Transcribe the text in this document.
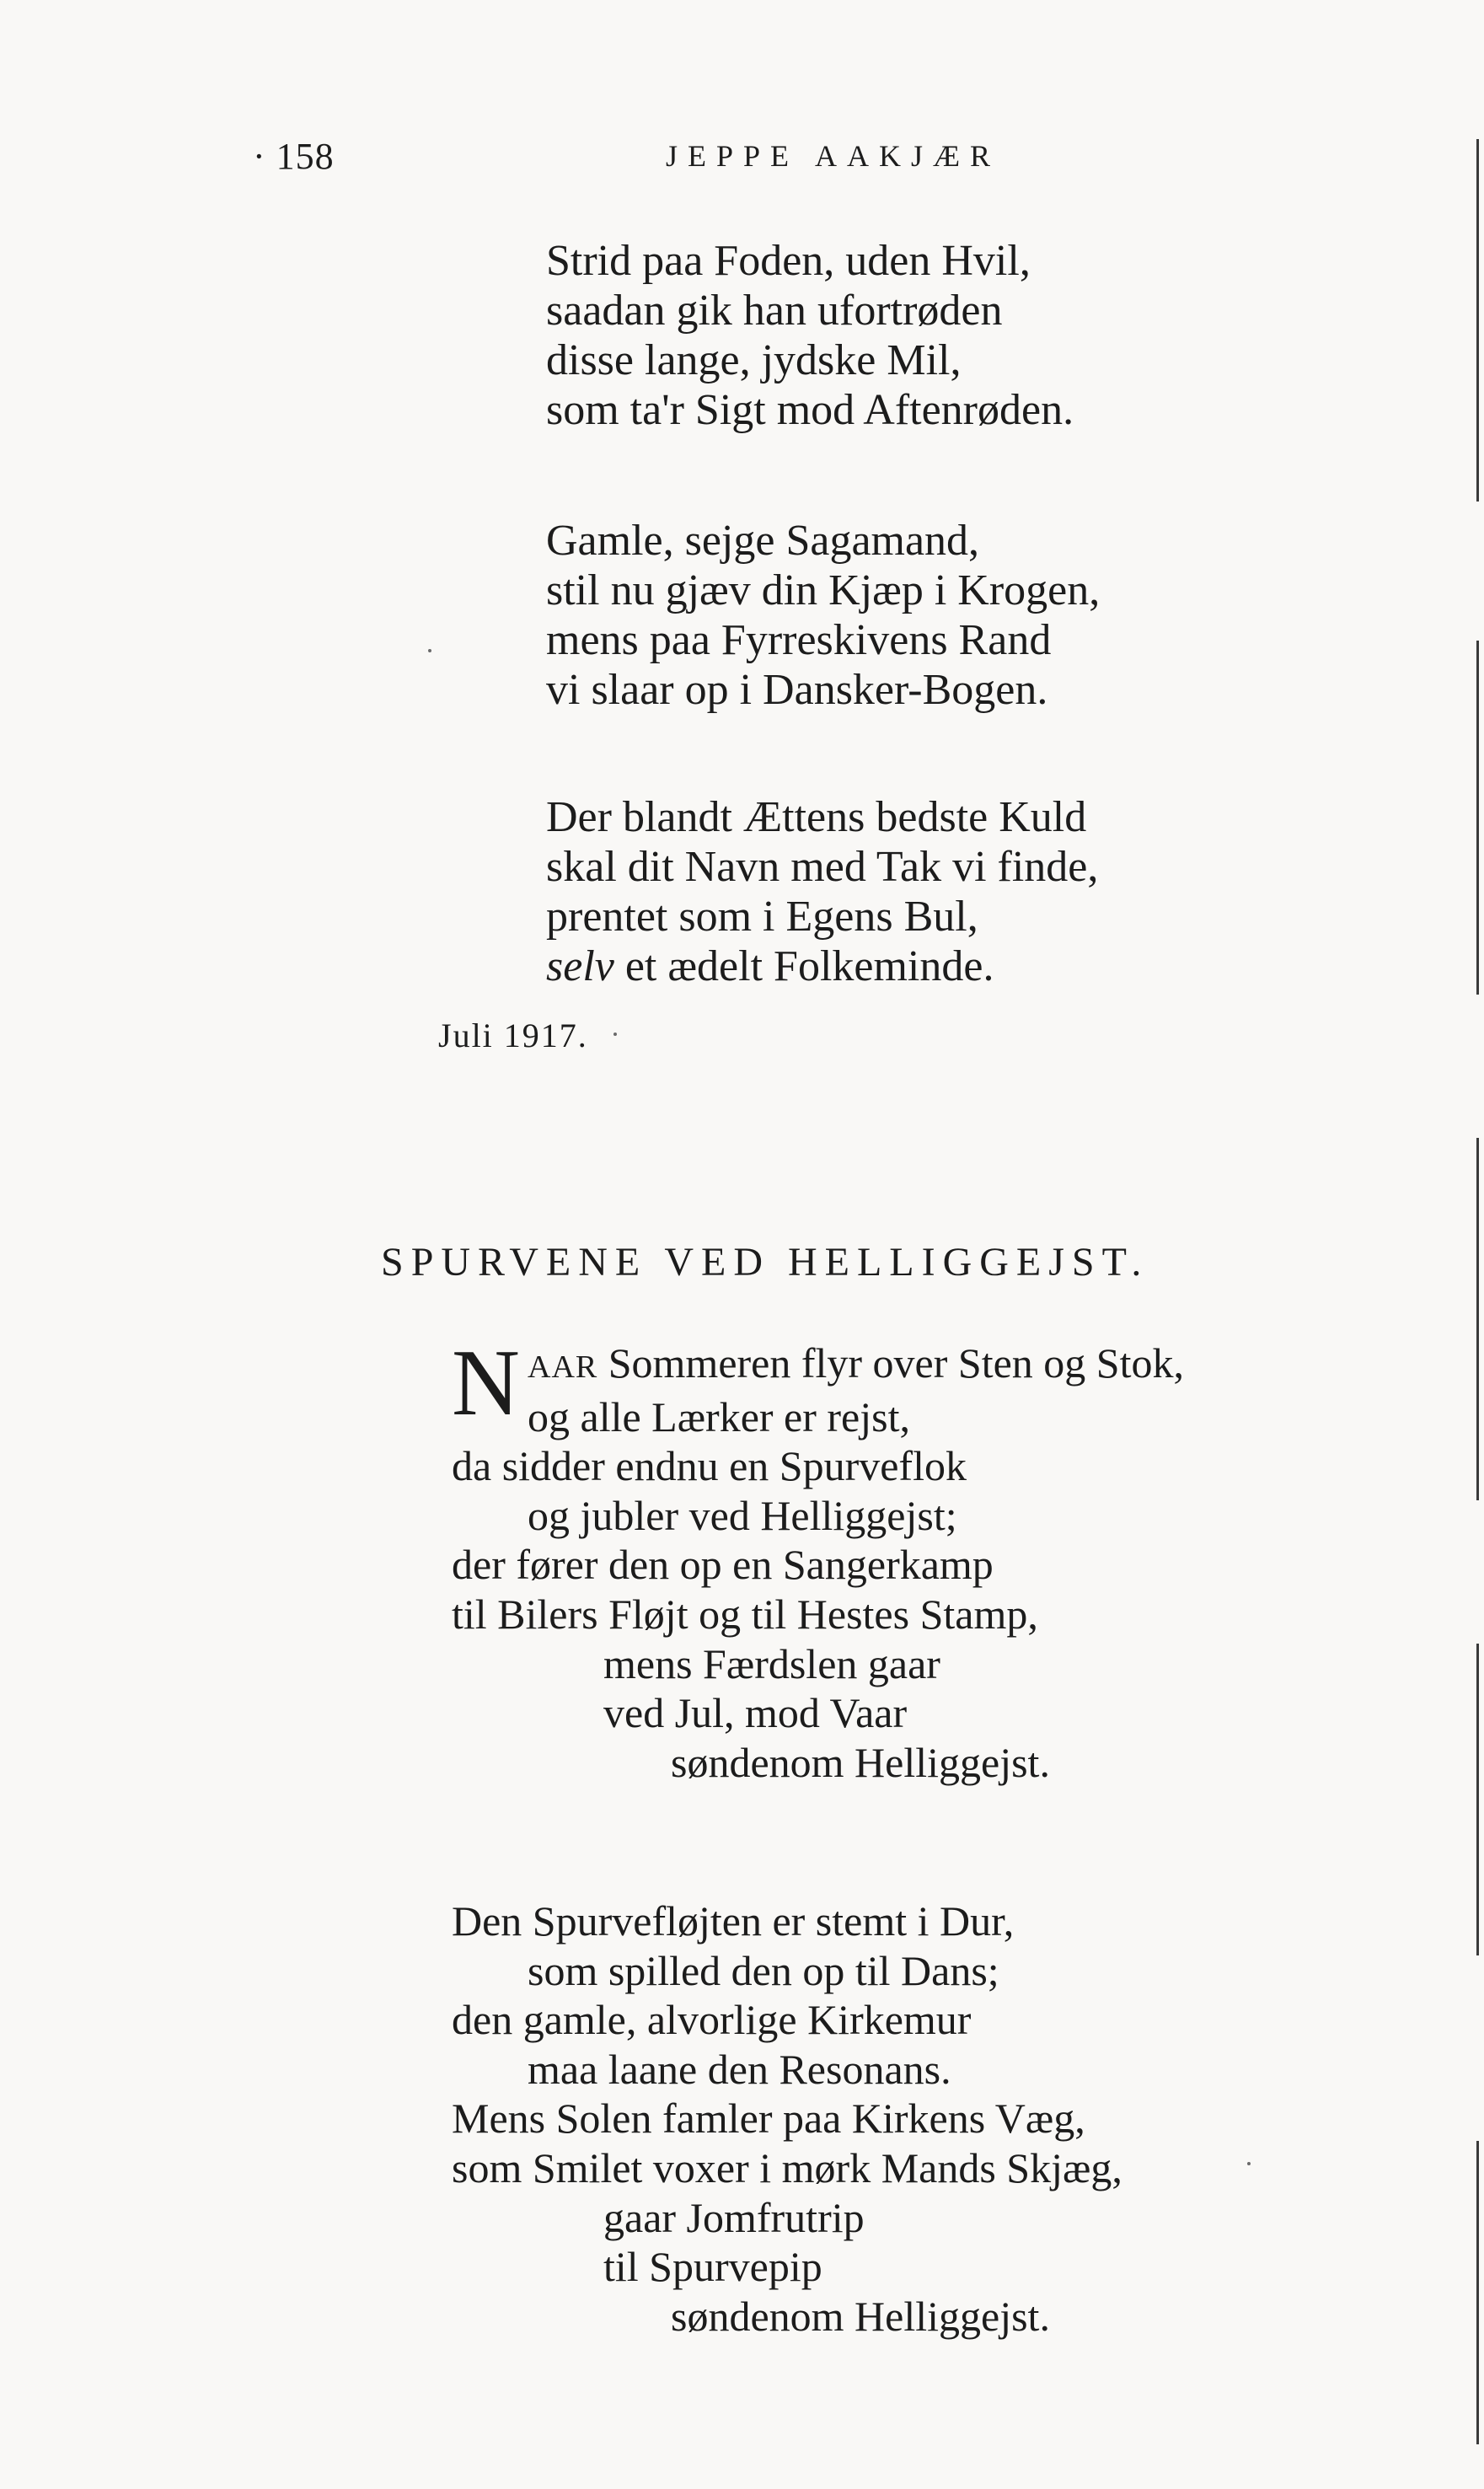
· 158	JEPPE AAKJÆR
Strid paa Foden, uden Hvil,
saadan gik han ufortrøden
disse lange, jydske Mil,
som ta'r Sigt mod Aftenrøden.
Gamle, sejge Sagamand,
stil nu gjæv din Kjæp i Krogen,
mens paa Fyrreskivens Rand
vi slaar op i Dansker-Bogen.
Der blandt Ættens bedste Kuld
skal dit Navn med Tak vi finde,
prentet som i Egens Bul,
selv et ædelt Folkeminde.
Juli 1917.
SPURVENE VED HELLIGGEJST.
N AAR Sommeren flyr over Sten og Stok,
og alle Lærker er rejst,
da sidder endnu en Spurveflok
og jubler ved Helliggejst;
der fører den op en Sangerkamp
til Bilers Fløjt og til Hestes Stamp,
mens Færdslen gaar
ved Jul, mod Vaar
søndenom Helliggejst.
Den Spurvefløjten er stemt i Dur,
som spilled den op til Dans;
den gamle, alvorlige Kirkemur
maa laane den Resonans.
Mens Solen famler paa Kirkens Væg,
som Smilet voxer i mørk Mands Skjæg,
gaar Jomfrutrip
til Spurvepip
søndenom Helliggejst.
